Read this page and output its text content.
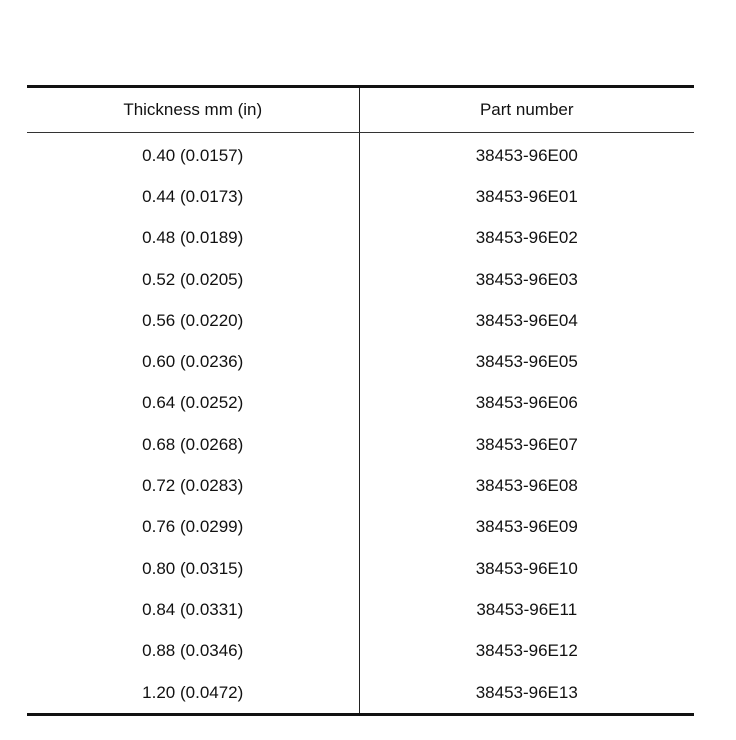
Thickness mm (in)	Part number
0.40 (0.0157)	38453-96E00
0.44 (0.0173)	38453-96E01
0.48 (0.0189)	38453-96E02
0.52 (0.0205)	38453-96E03
0.56 (0.0220)	38453-96E04
0.60 (0.0236)	38453-96E05
0.64 (0.0252)	38453-96E06
0.68 (0.0268)	38453-96E07
0.72 (0.0283)	38453-96E08
0.76 (0.0299)	38453-96E09
0.80 (0.0315)	38453-96E10
0.84 (0.0331)	38453-96E11
0.88 (0.0346)	38453-96E12
1.20 (0.0472)	38453-96E13
